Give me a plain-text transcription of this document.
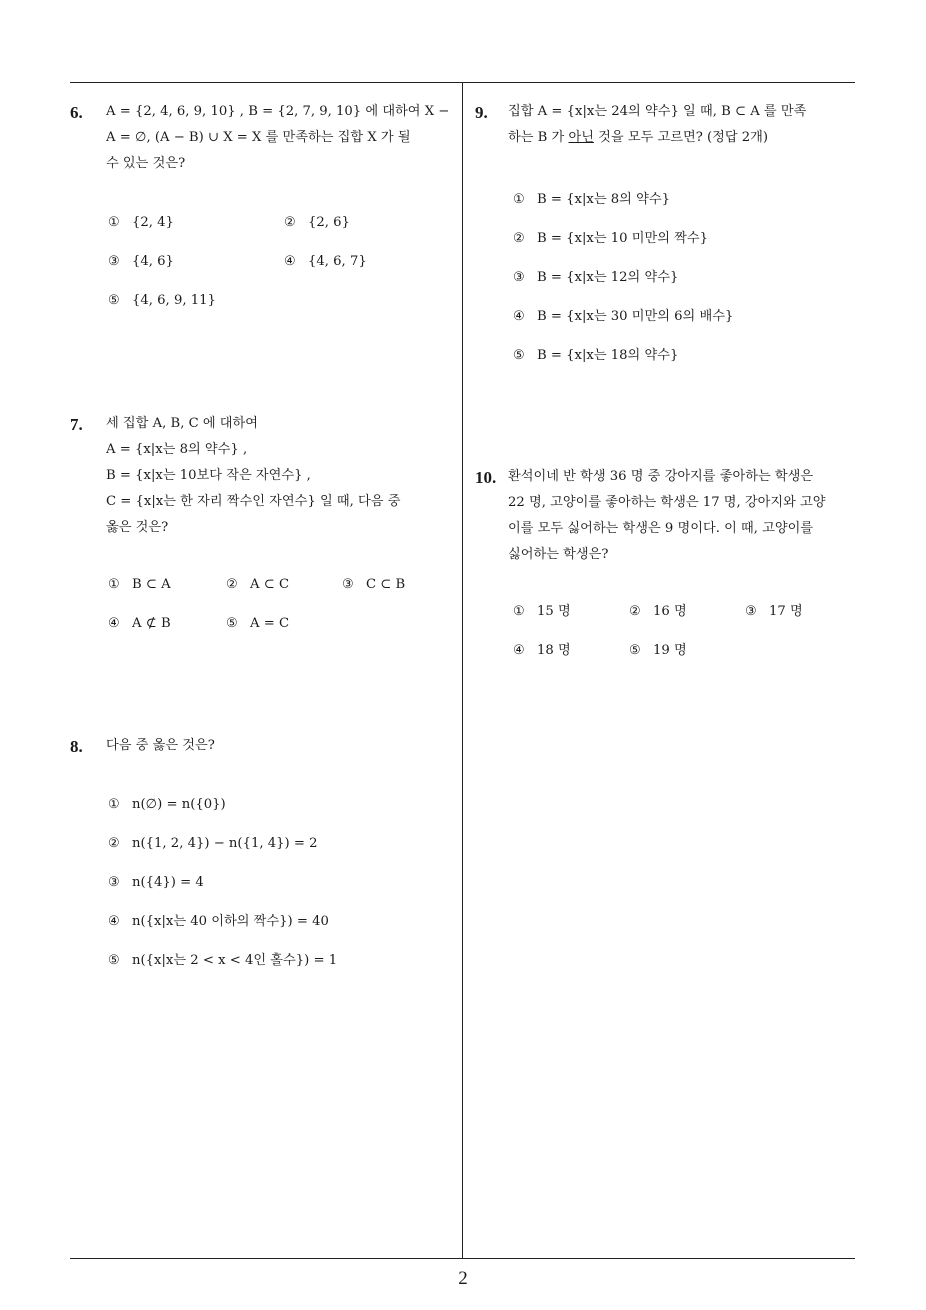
2
6. A = {2, 4, 6, 9, 10} , B = {2, 7, 9, 10} 에 대하여 X −
A = ∅, (A − B) ∪ X = X 를 만족하는 집합 X 가 될
수 있는 것은?
① {2, 4}	② {2, 6}
③ {4, 6}	④ {4, 6, 7}
⑤ {4, 6, 9, 11}
7. 세 집합 A, B, C 에 대하여
A = {x|x는 8의 약수} ,
B = {x|x는 10보다 작은 자연수} ,
C = {x|x는 한 자리 짝수인 자연수} 일 때, 다음 중
옳은 것은?
① B ⊂ A	② A ⊂ C	③ C ⊂ B
④ A ⊄ B	⑤ A = C
8. 다음 중 옳은 것은?
① n(∅) = n({0})
② n({1, 2, 4}) − n({1, 4}) = 2
③ n({4}) = 4
④ n({x|x는 40 이하의 짝수}) = 40
⑤ n({x|x는 2 < x < 4인 홀수}) = 1
9. 집합 A = {x|x는 24의 약수} 일 때, B ⊂ A 를 만족
하는 B 가 아닌 것을 모두 고르면? (정답 2개)
① B = {x|x는 8의 약수}
② B = {x|x는 10 미만의 짝수}
③ B = {x|x는 12의 약수}
④ B = {x|x는 30 미만의 6의 배수}
⑤ B = {x|x는 18의 약수}
10. 환석이네 반 학생 36 명 중 강아지를 좋아하는 학생은
22 명, 고양이를 좋아하는 학생은 17 명, 강아지와 고양
이를 모두 싫어하는 학생은 9 명이다. 이 때, 고양이를
싫어하는 학생은?
① 15 명	② 16 명	③ 17 명
④ 18 명	⑤ 19 명
